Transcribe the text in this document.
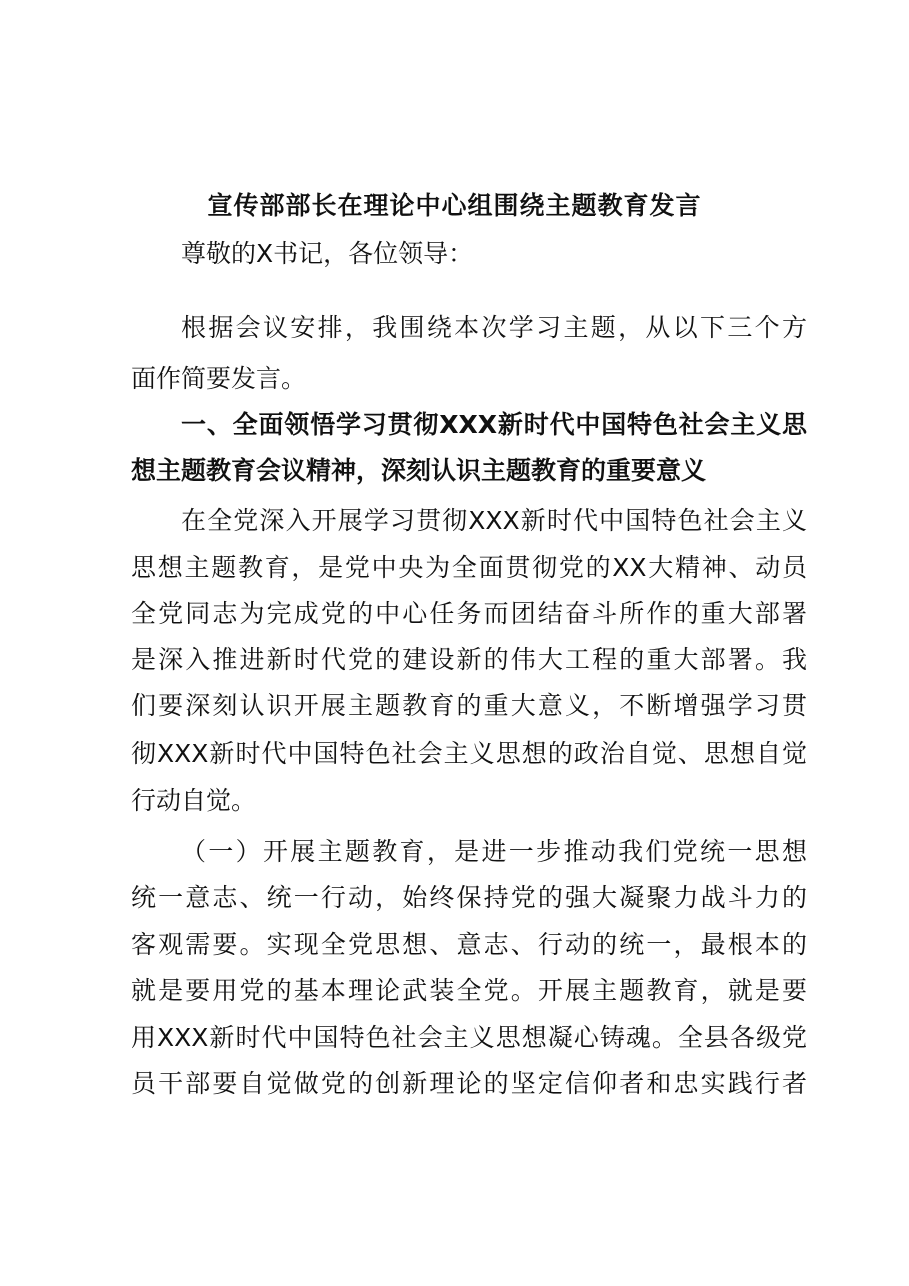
宣传部部长在理论中心组围绕主题教育发言
尊敬的X书记，各位领导：
根据会议安排，我围绕本次学习主题，从以下三个方
面作简要发言。
一、全面领悟学习贯彻XXX新时代中国特色社会主义思
想主题教育会议精神，深刻认识主题教育的重要意义
在全党深入开展学习贯彻XXX新时代中国特色社会主义
思想主题教育，是党中央为全面贯彻党的XX大精神、动员
全党同志为完成党的中心任务而团结奋斗所作的重大部署
是深入推进新时代党的建设新的伟大工程的重大部署。我
们要深刻认识开展主题教育的重大意义，不断增强学习贯
彻XXX新时代中国特色社会主义思想的政治自觉、思想自觉
行动自觉。
（一）开展主题教育，是进一步推动我们党统一思想
统一意志、统一行动，始终保持党的强大凝聚力战斗力的
客观需要。实现全党思想、意志、行动的统一，最根本的
就是要用党的基本理论武装全党。开展主题教育，就是要
用XXX新时代中国特色社会主义思想凝心铸魂。全县各级党
员干部要自觉做党的创新理论的坚定信仰者和忠实践行者
